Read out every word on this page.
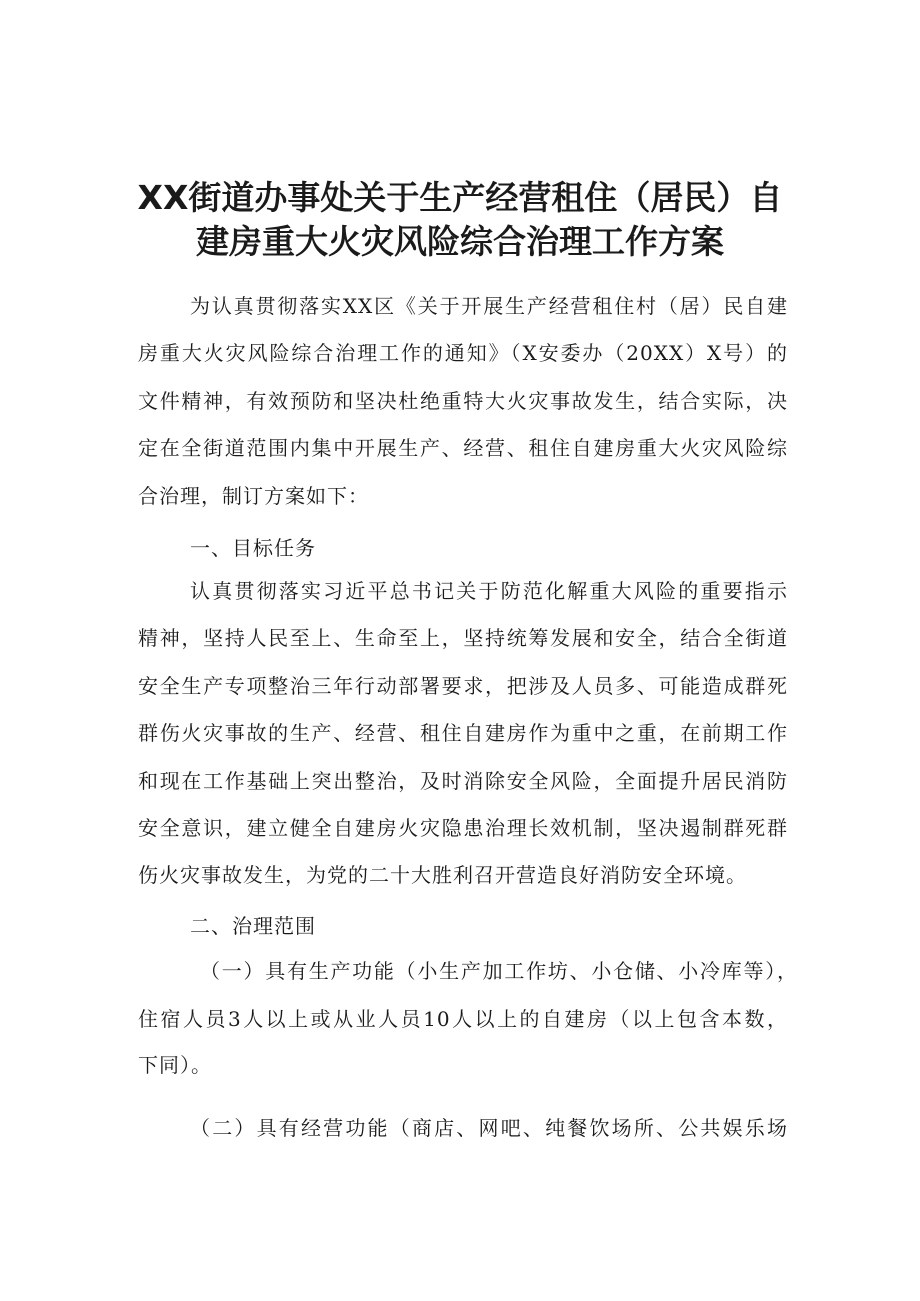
XX街道办事处关于生产经营租住（居民）自
建房重大火灾风险综合治理工作方案
为认真贯彻落实XX区《关于开展生产经营租住村（居）民自建
房重大火灾风险综合治理工作的通知》（X安委办（20XX）X号）的
文件精神，有效预防和坚决杜绝重特大火灾事故发生，结合实际，决
定在全街道范围内集中开展生产、经营、租住自建房重大火灾风险综
合治理，制订方案如下：
一、目标任务
认真贯彻落实习近平总书记关于防范化解重大风险的重要指示
精神，坚持人民至上、生命至上，坚持统筹发展和安全，结合全街道
安全生产专项整治三年行动部署要求，把涉及人员多、可能造成群死
群伤火灾事故的生产、经营、租住自建房作为重中之重，在前期工作
和现在工作基础上突出整治，及时消除安全风险，全面提升居民消防
安全意识，建立健全自建房火灾隐患治理长效机制，坚决遏制群死群
伤火灾事故发生，为党的二十大胜利召开营造良好消防安全环境。
二、治理范围
（一）具有生产功能（小生产加工作坊、小仓储、小冷库等），
住宿人员3人以上或从业人员10人以上的自建房（以上包含本数，
下同）。
（二）具有经营功能（商店、网吧、纯餐饮场所、公共娱乐场
